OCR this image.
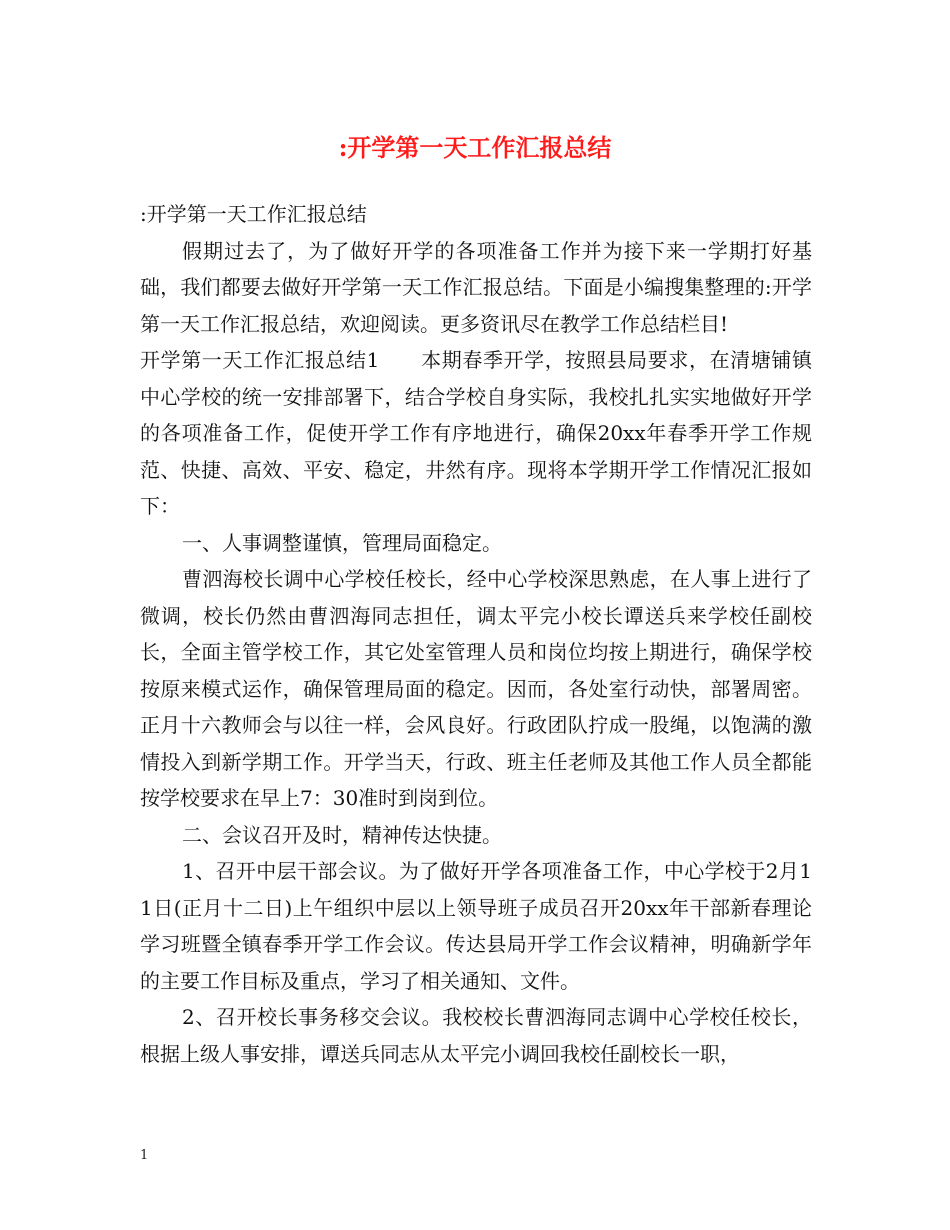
:开学第一天工作汇报总结

:开学第一天工作汇报总结

假期过去了，为了做好开学的各项准备工作并为接下来一学期打好基础，我们都要去做好开学第一天工作汇报总结。下面是小编搜集整理的:开学第一天工作汇报总结，欢迎阅读。更多资讯尽在教学工作总结栏目!

开学第一天工作汇报总结1　　本期春季开学，按照县局要求，在清塘铺镇中心学校的统一安排部署下，结合学校自身实际，我校扎扎实实地做好开学的各项准备工作，促使开学工作有序地进行，确保20xx年春季开学工作规范、快捷、高效、平安、稳定，井然有序。现将本学期开学工作情况汇报如下：

一、人事调整谨慎，管理局面稳定。

曹泗海校长调中心学校任校长，经中心学校深思熟虑，在人事上进行了微调，校长仍然由曹泗海同志担任，调太平完小校长谭送兵来学校任副校长，全面主管学校工作，其它处室管理人员和岗位均按上期进行，确保学校按原来模式运作，确保管理局面的稳定。因而，各处室行动快，部署周密。正月十六教师会与以往一样，会风良好。行政团队拧成一股绳，以饱满的激情投入到新学期工作。开学当天，行政、班主任老师及其他工作人员全都能按学校要求在早上7：30准时到岗到位。

二、会议召开及时，精神传达快捷。

1、召开中层干部会议。为了做好开学各项准备工作，中心学校于2月11日(正月十二日)上午组织中层以上领导班子成员召开20xx年干部新春理论学习班暨全镇春季开学工作会议。传达县局开学工作会议精神，明确新学年的主要工作目标及重点，学习了相关通知、文件。

2、召开校长事务移交会议。我校校长曹泗海同志调中心学校任校长，根据上级人事安排，谭送兵同志从太平完小调回我校任副校长一职，

1
